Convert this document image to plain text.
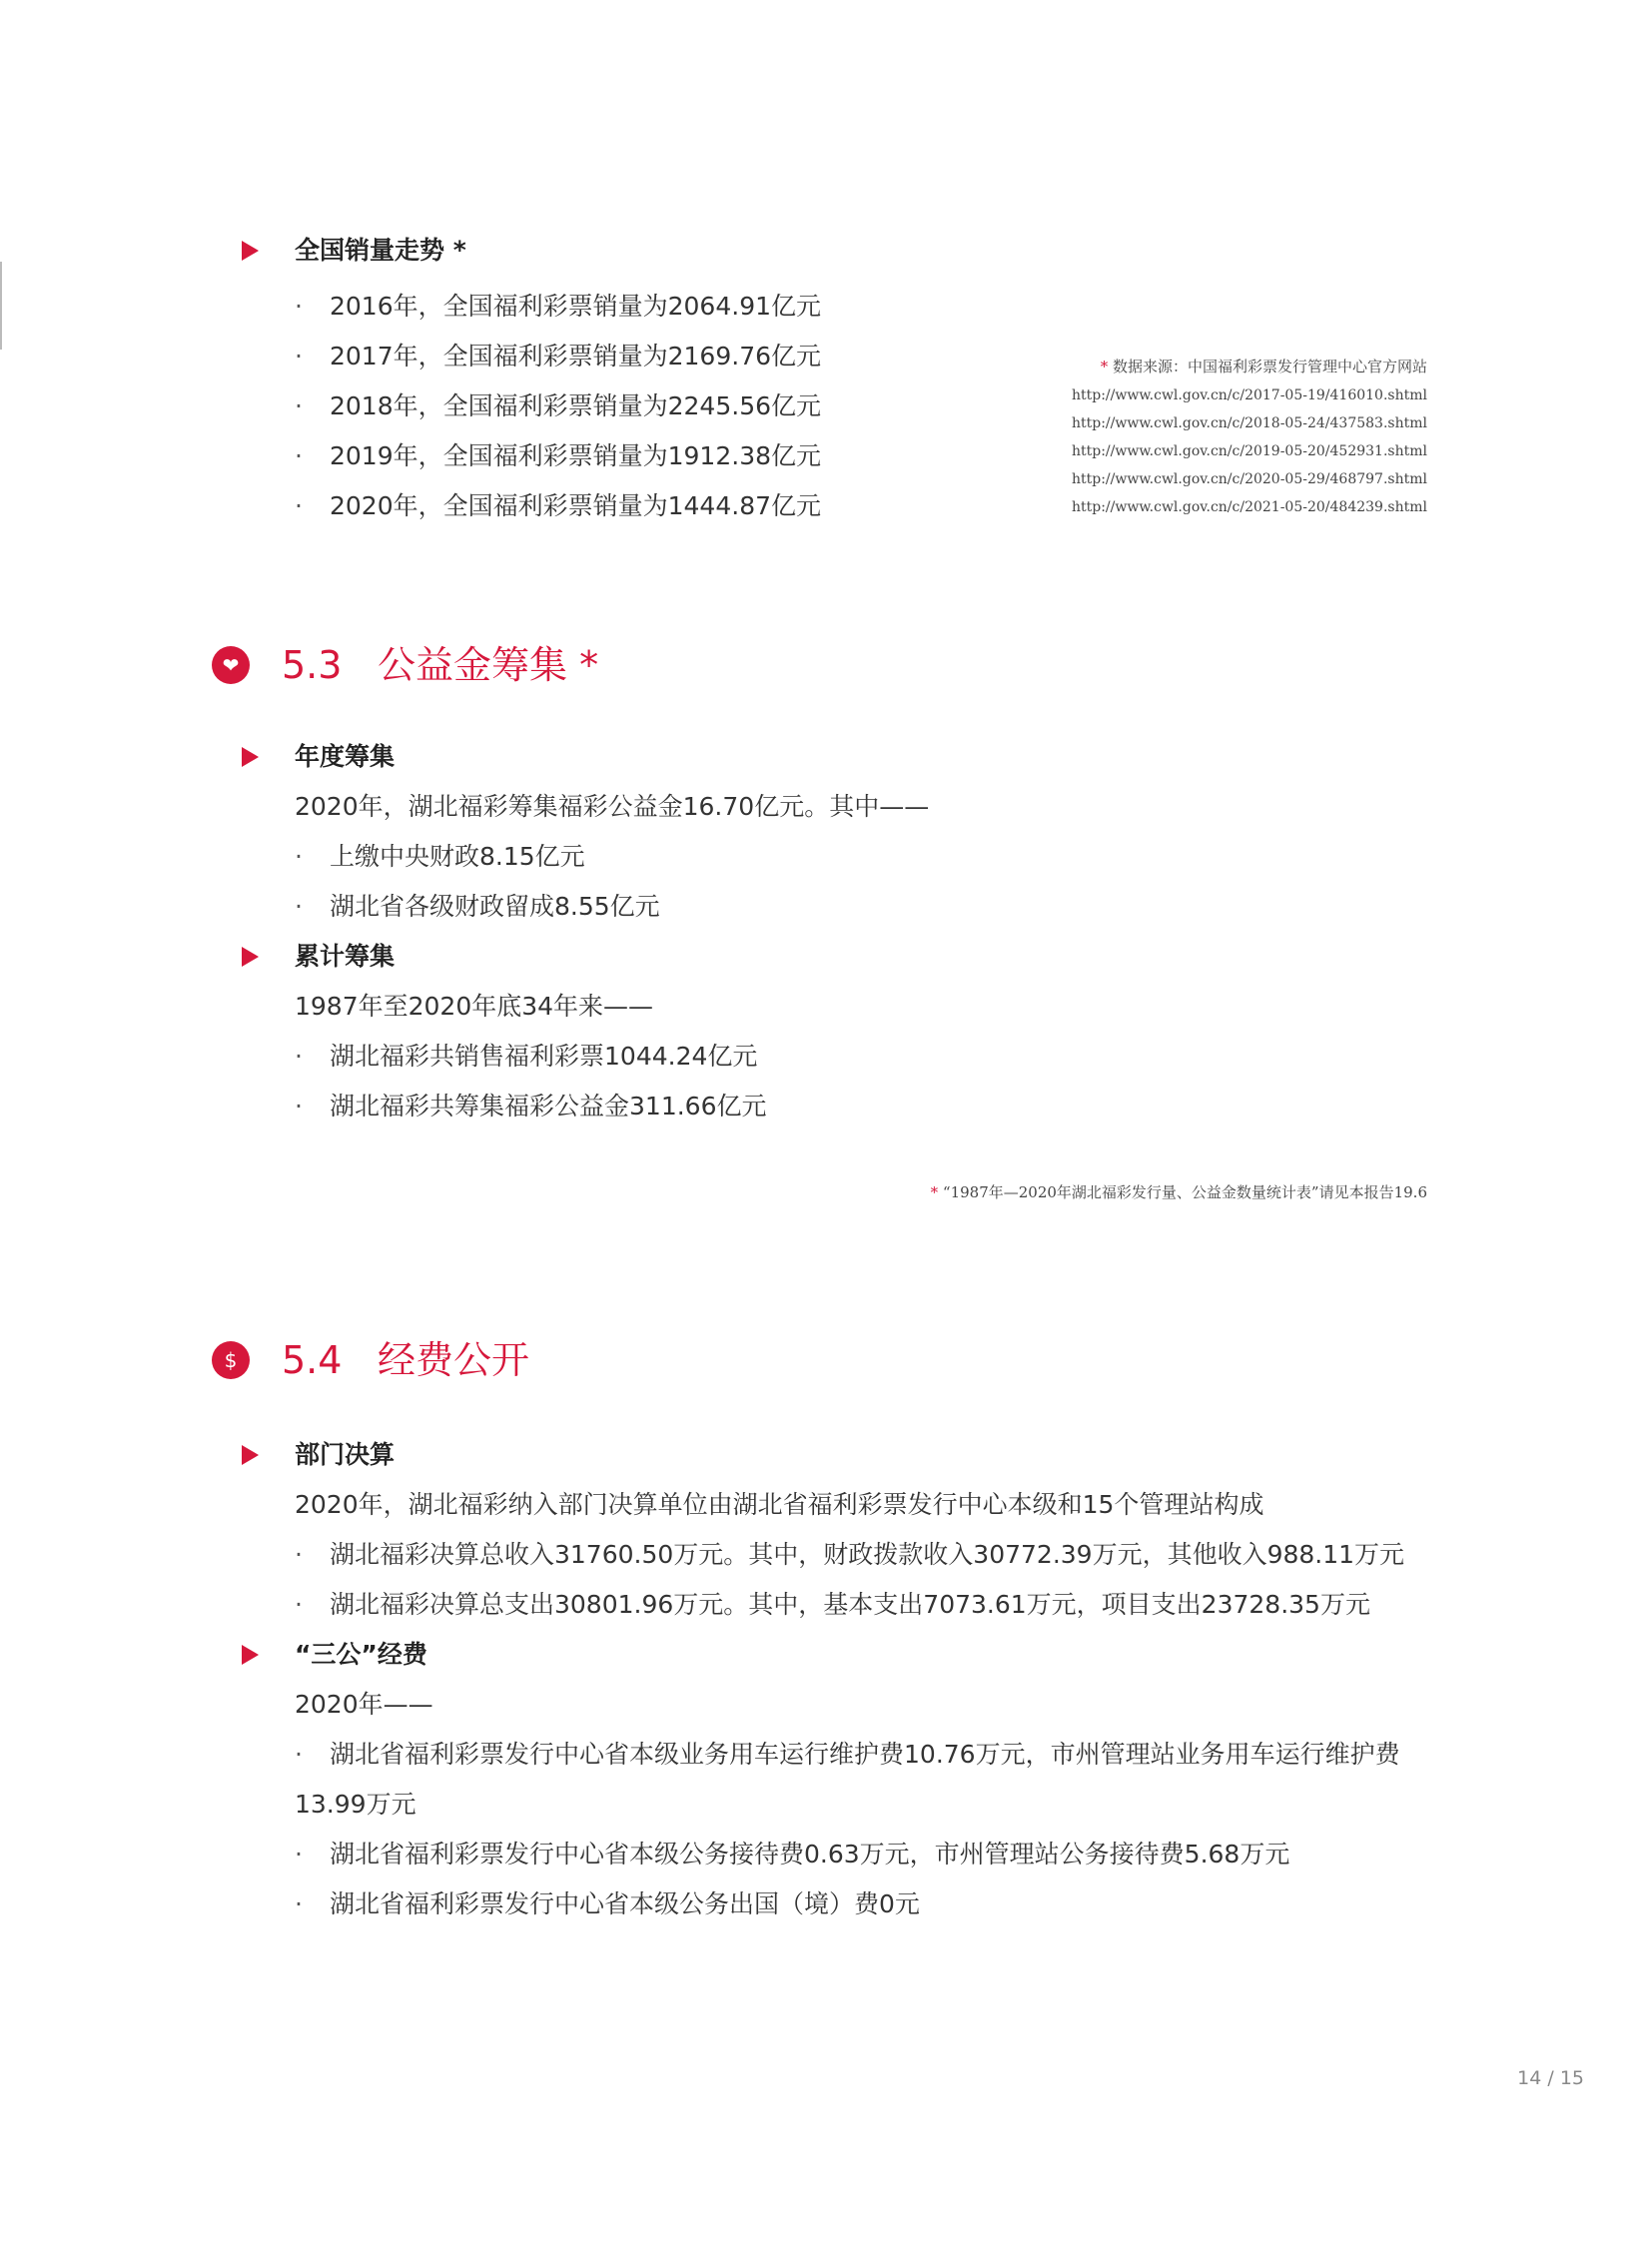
全国销量走势 *
· 2016年，全国福利彩票销量为2064.91亿元
· 2017年，全国福利彩票销量为2169.76亿元
· 2018年，全国福利彩票销量为2245.56亿元
· 2019年，全国福利彩票销量为1912.38亿元
· 2020年，全国福利彩票销量为1444.87亿元
* 数据来源：中国福利彩票发行管理中心官方网站
http://www.cwl.gov.cn/c/2017-05-19/416010.shtml
http://www.cwl.gov.cn/c/2018-05-24/437583.shtml
http://www.cwl.gov.cn/c/2019-05-20/452931.shtml
http://www.cwl.gov.cn/c/2020-05-29/468797.shtml
http://www.cwl.gov.cn/c/2021-05-20/484239.shtml
❤ 5.3 公益金筹集 *
年度筹集
2020年，湖北福彩筹集福彩公益金16.70亿元。其中——
· 上缴中央财政8.15亿元
· 湖北省各级财政留成8.55亿元
累计筹集
1987年至2020年底34年来——
· 湖北福彩共销售福利彩票1044.24亿元
· 湖北福彩共筹集福彩公益金311.66亿元
* “1987年—2020年湖北福彩发行量、公益金数量统计表”请见本报告19.6
$	5.4 经费公开
部门决算
2020年，湖北福彩纳入部门决算单位由湖北省福利彩票发行中心本级和15个管理站构成
· 湖北福彩决算总收入31760.50万元。其中，财政拨款收入30772.39万元，其他收入988.11万元
· 湖北福彩决算总支出30801.96万元。其中，基本支出7073.61万元，项目支出23728.35万元
“三公”经费
2020年——
· 湖北省福利彩票发行中心省本级业务用车运行维护费10.76万元，市州管理站业务用车运行维护费
13.99万元
· 湖北省福利彩票发行中心省本级公务接待费0.63万元，市州管理站公务接待费5.68万元
· 湖北省福利彩票发行中心省本级公务出国（境）费0元
14 / 15
